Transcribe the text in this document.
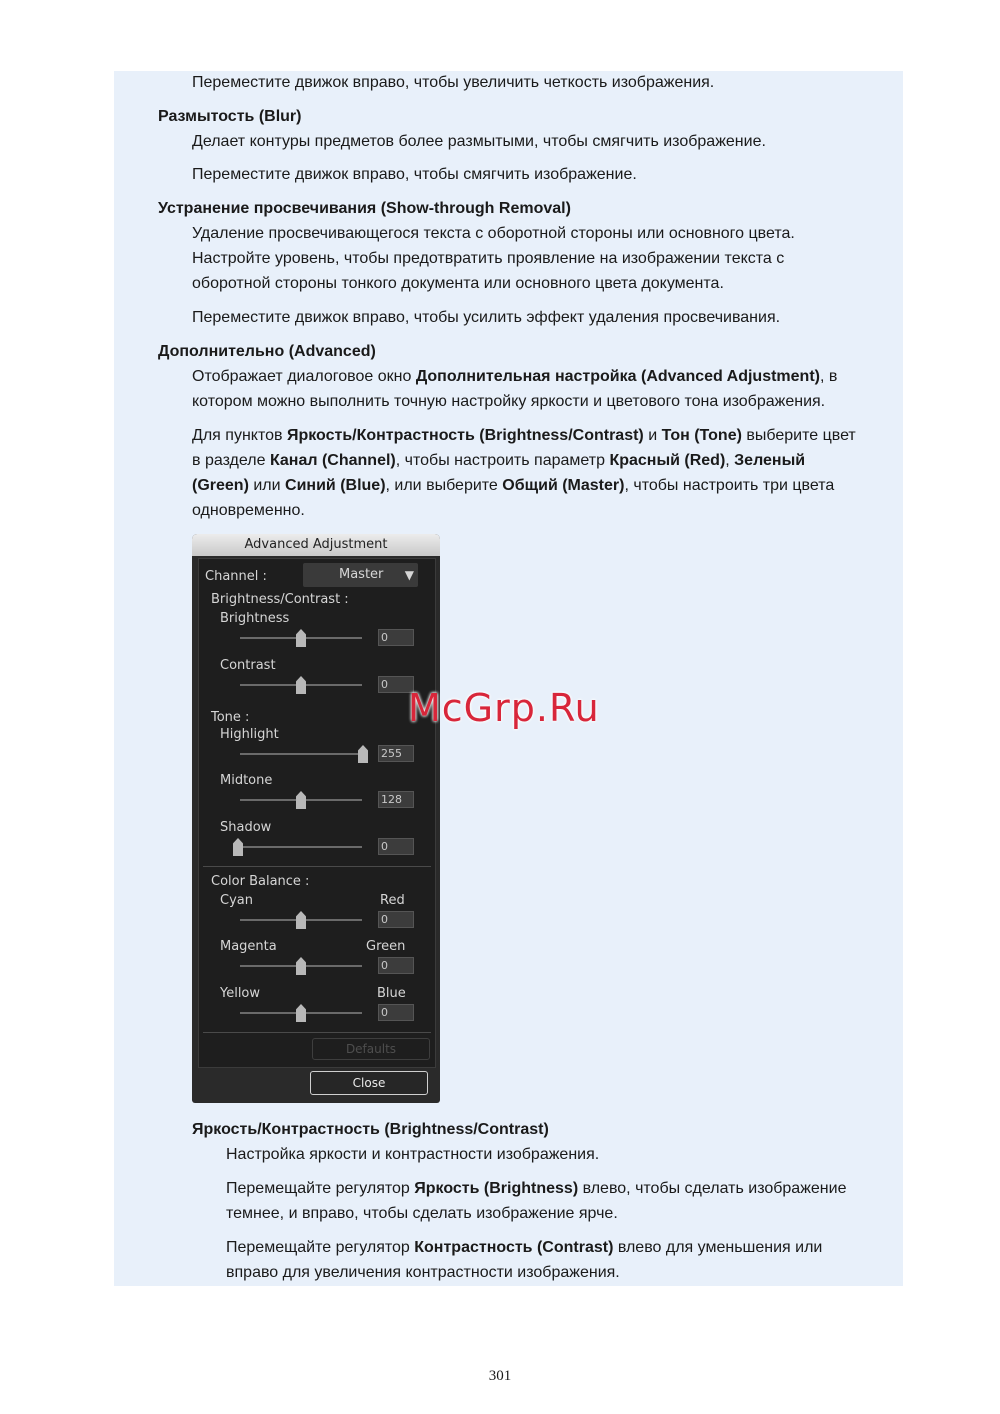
Переместите движок вправо, чтобы увеличить четкость изображения.
Размытость (Blur)
Делает контуры предметов более размытыми, чтобы смягчить изображение.
Переместите движок вправо, чтобы смягчить изображение.
Устранение просвечивания (Show-through Removal)
Удаление просвечивающегося текста с оборотной стороны или основного цвета.
Настройте уровень, чтобы предотвратить проявление на изображении текста с
оборотной стороны тонкого документа или основного цвета документа.
Переместите движок вправо, чтобы усилить эффект удаления просвечивания.
Дополнительно (Advanced)
Отображает диалоговое окно Дополнительная настройка (Advanced Adjustment), в
котором можно выполнить точную настройку яркости и цветового тона изображения.
Для пунктов Яркость/Контрастность (Brightness/Contrast) и Тон (Tone) выберите цвет
в разделе Канал (Channel), чтобы настроить параметр Красный (Red), Зеленый
(Green) или Синий (Blue), или выберите Общий (Master), чтобы настроить три цвета
одновременно.
Advanced Adjustment
Channel :	Master ▼
Brightness/Contrast :
Brightness
0
Contrast
0
Tone :
Highlight
255
Midtone
128
Shadow
0
Color Balance :
Cyan	Red
0
Magenta	Green
0
Yellow	Blue
0
Defaults
Close
McGrp.Ru
Яркость/Контрастность (Brightness/Contrast)
Настройка яркости и контрастности изображения.
Перемещайте регулятор Яркость (Brightness) влево, чтобы сделать изображение
темнее, и вправо, чтобы сделать изображение ярче.
Перемещайте регулятор Контрастность (Contrast) влево для уменьшения или
вправо для увеличения контрастности изображения.
301
